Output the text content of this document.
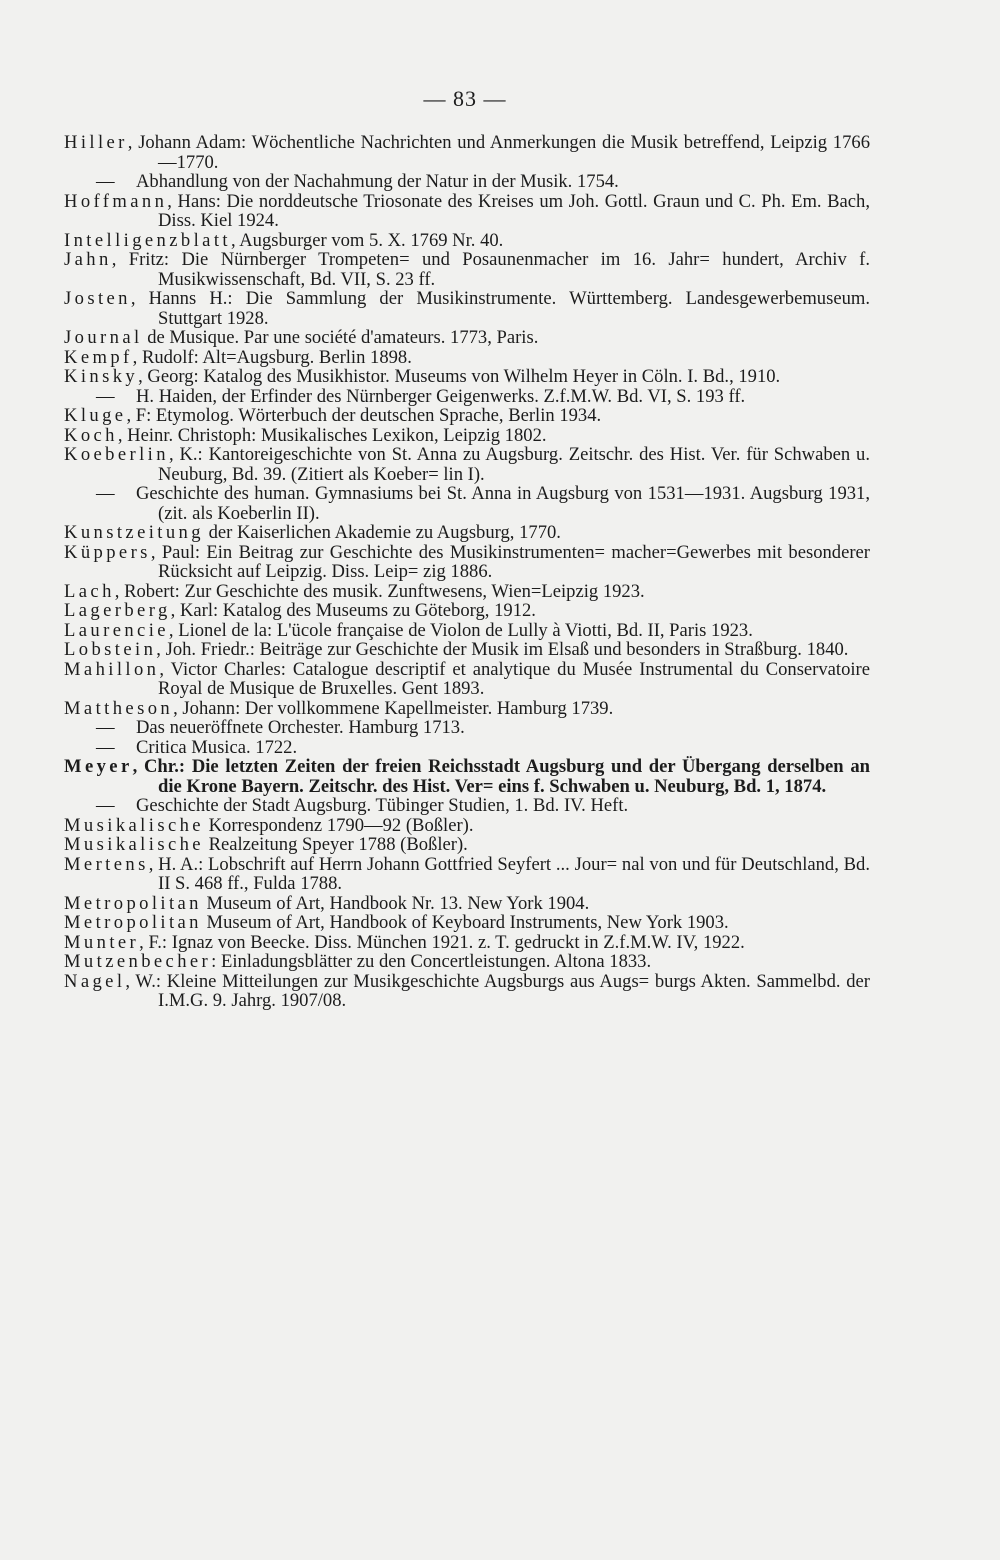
— 83 —
Hiller, Johann Adam: Wöchentliche Nachrichten und Anmerkungen die Musik betreffend, Leipzig 1766—1770.
— Abhandlung von der Nachahmung der Natur in der Musik. 1754.
Hoffmann, Hans: Die norddeutsche Triosonate des Kreises um Joh. Gottl. Graun und C. Ph. Em. Bach, Diss. Kiel 1924.
Intelligenzblatt, Augsburger vom 5. X. 1769 Nr. 40.
Jahn, Fritz: Die Nürnberger Trompeten= und Posaunenmacher im 16. Jahr= hundert, Archiv f. Musikwissenschaft, Bd. VII, S. 23 ff.
Josten, Hanns H.: Die Sammlung der Musikinstrumente. Württemberg. Landesgewerbemuseum. Stuttgart 1928.
Journal de Musique. Par une société d'amateurs. 1773, Paris.
Kempf, Rudolf: Alt=Augsburg. Berlin 1898.
Kinsky, Georg: Katalog des Musikhistor. Museums von Wilhelm Heyer in Cöln. I. Bd., 1910.
— H. Haiden, der Erfinder des Nürnberger Geigenwerks. Z.f.M.W. Bd. VI, S. 193 ff.
Kluge, F: Etymolog. Wörterbuch der deutschen Sprache, Berlin 1934.
Koch, Heinr. Christoph: Musikalisches Lexikon, Leipzig 1802.
Koeberlin, K.: Kantoreigeschichte von St. Anna zu Augsburg. Zeitschr. des Hist. Ver. für Schwaben u. Neuburg, Bd. 39. (Zitiert als Koeber= lin I).
— Geschichte des human. Gymnasiums bei St. Anna in Augsburg von 1531—1931. Augsburg 1931, (zit. als Koeberlin II).
Kunstzeitung der Kaiserlichen Akademie zu Augsburg, 1770.
Küppers, Paul: Ein Beitrag zur Geschichte des Musikinstrumenten= macher=Gewerbes mit besonderer Rücksicht auf Leipzig. Diss. Leip= zig 1886.
Lach, Robert: Zur Geschichte des musik. Zunftwesens, Wien=Leipzig 1923.
Lagerberg, Karl: Katalog des Museums zu Göteborg, 1912.
Laurencie, Lionel de la: L'ücole française de Violon de Lully à Viotti, Bd. II, Paris 1923.
Lobstein, Joh. Friedr.: Beiträge zur Geschichte der Musik im Elsaß und besonders in Straßburg. 1840.
Mahillon, Victor Charles: Catalogue descriptif et analytique du Musée Instrumental du Conservatoire Royal de Musique de Bruxelles. Gent 1893.
Mattheson, Johann: Der vollkommene Kapellmeister. Hamburg 1739.
— Das neueröffnete Orchester. Hamburg 1713.
— Critica Musica. 1722.
Meyer, Chr.: Die letzten Zeiten der freien Reichsstadt Augsburg und der Übergang derselben an die Krone Bayern. Zeitschr. des Hist. Ver= eins f. Schwaben u. Neuburg, Bd. 1, 1874.
— Geschichte der Stadt Augsburg. Tübinger Studien, 1. Bd. IV. Heft.
Musikalische Korrespondenz 1790—92 (Boßler).
Musikalische Realzeitung Speyer 1788 (Boßler).
Mertens, H. A.: Lobschrift auf Herrn Johann Gottfried Seyfert ... Jour= nal von und für Deutschland, Bd. II S. 468 ff., Fulda 1788.
Metropolitan Museum of Art, Handbook Nr. 13. New York 1904.
Metropolitan Museum of Art, Handbook of Keyboard Instruments, New York 1903.
Munter, F.: Ignaz von Beecke. Diss. München 1921. z. T. gedruckt in Z.f.M.W. IV, 1922.
Mutzenbecher: Einladungsblätter zu den Concertleistungen. Altona 1833.
Nagel, W.: Kleine Mitteilungen zur Musikgeschichte Augsburgs aus Augs= burgs Akten. Sammelbd. der I.M.G. 9. Jahrg. 1907/08.
